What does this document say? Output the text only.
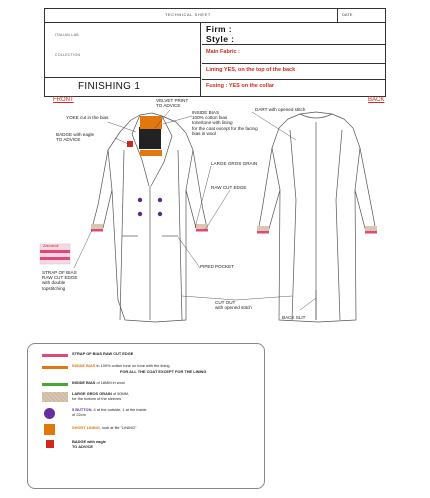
TECHNICAL SHEET	DATE
ITALIAN LAB
COLLECTION
FINISHING 1
Firm :
Style :
Main Fabric :
Lining YES, on the top of the back
Fusing : YES on the collar
FRONT	BACK
YOKE cut in the bias
VELVET PRINT
TO ADVICE
INSIDE BIAS
100% cotton bias
tone/tone with lining
for the coat except for the facing
bias in wool
DART with opened stitch
BADGE with eagle
TO ADVICE
LARGE GROS GRAIN
RAW CUT EDGE
Zaccaroli
STRAP OF BIAS
RAW CUT EDGE
with double
topstitching
PIPED POCKET
CUT OUT
with opened stitch
BACK SLIT
STRAP OF BIAS RAW CUT EDGE
INSIDE BIAS in 100% cotton tone on tone with the lining
FOR ALL THE COAT EXCEPT FOR THE LINING
INSIDE BIAS of 18MM in wool
LARGE GROS GRAIN of 50MM,
for the bottom of the sleeves
5 BUTTON, 4 at the outside, 1 at the inside
of 22cm
SHORT LINING, look at file "LINING"
BADGE with eagle
TO ADVICE
